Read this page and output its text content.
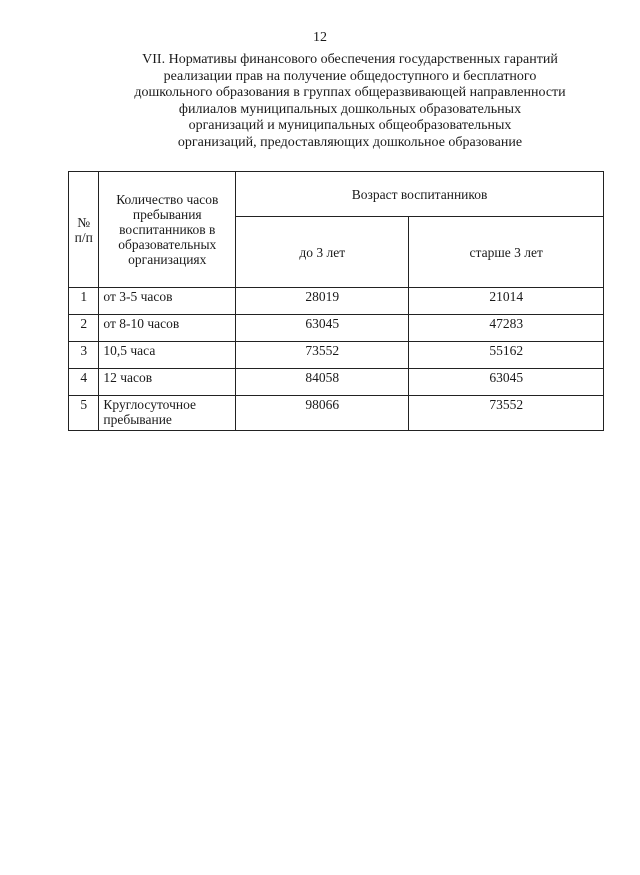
12
VII. Нормативы финансового обеспечения государственных гарантий
реализации прав на получение общедоступного и бесплатного
дошкольного образования в группах общеразвивающей направленности
филиалов муниципальных дошкольных образовательных
организаций и муниципальных общеобразовательных
организаций, предоставляющих дошкольное образование
№ п/п	Количество часов пребывания воспитанников в образовательных организациях	Возраст воспитанников	
		до 3 лет	старше 3 лет
1	от 3-5 часов	28019	21014
2	от 8-10 часов	63045	47283
3	10,5 часа	73552	55162
4	12 часов	84058	63045
5	Круглосуточное пребывание	98066	73552
